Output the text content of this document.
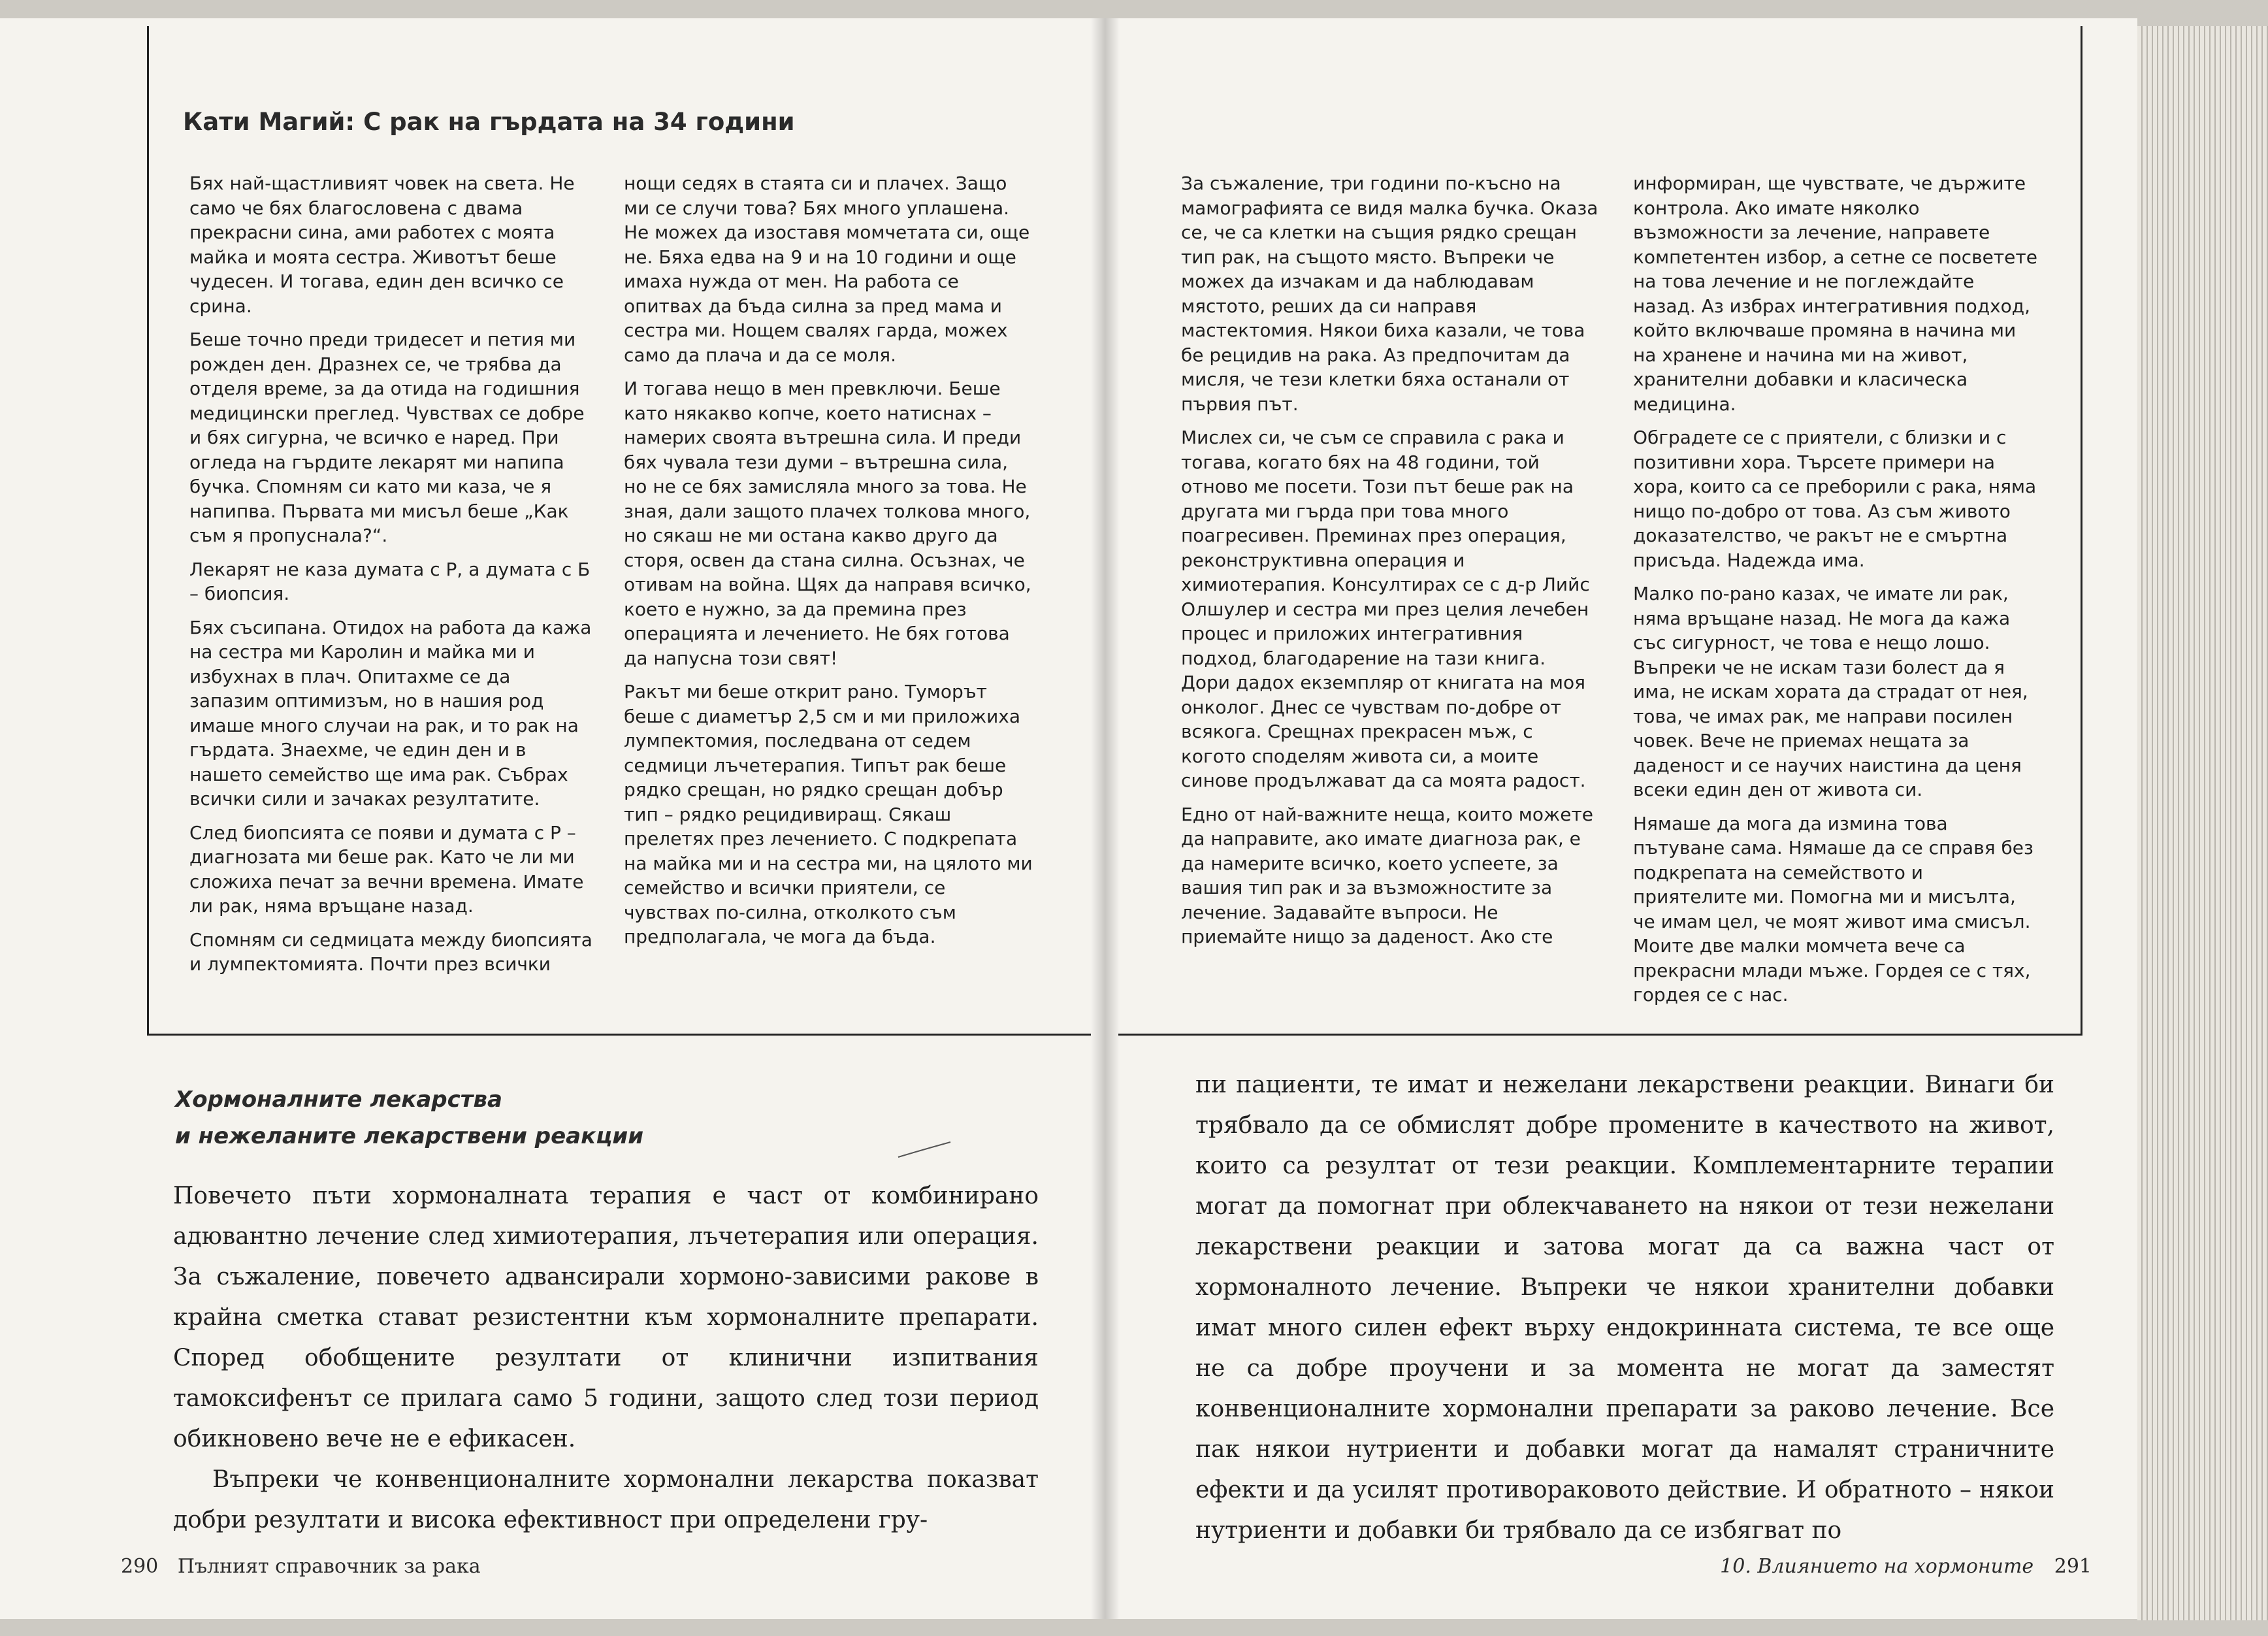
Кати Магий: С рак на гърдата на 34 години

Бях най-щастливият човек на света. Не само че бях благословена с двама прекрасни сина, ами работех с моята майка и моята сестра. Животът беше чудесен. И тогава, един ден всичко се срина.

Беше точно преди тридесет и петия ми рожден ден. Дразнех се, че трябва да отделя време, за да отида на годишния медицински преглед. Чувствах се добре и бях сигурна, че всичко е наред. При огледа на гърдите лекарят ми напипа бучка. Спомням си като ми каза, че я напипва. Първата ми мисъл беше „Как съм я пропуснала?“.

Лекарят не каза думата с Р, а думата с Б – биопсия.

Бях съсипана. Отидох на работа да кажа на сестра ми Каролин и майка ми и избухнах в плач. Опитахме се да запазим оптимизъм, но в нашия род имаше много случаи на рак, и то рак на гърдата. Знаехме, че един ден и в нашето семейство ще има рак. Събрах всички сили и зачаках резултатите.

След биопсията се появи и думата с Р – диагнозата ми беше рак. Като че ли ми сложиха печат за вечни времена. Имате ли рак, няма връщане назад.

Спомням си седмицата между биопсията и лумпектомията. Почти през всички

нощи седях в стаята си и плачех. Защо ми се случи това? Бях много уплашена. Не можех да изоставя момчетата си, още не. Бяха едва на 9 и на 10 години и още имаха нужда от мен. На работа се опитвах да бъда силна за пред мама и сестра ми. Нощем свалях гарда, можех само да плача и да се моля.

И тогава нещо в мен превключи. Беше като някакво копче, което натиснах – намерих своята вътрешна сила. И преди бях чувала тези думи – вътрешна сила, но не се бях замисляла много за това. Не зная, дали защото плачех толкова много, но сякаш не ми остана какво друго да сторя, освен да стана силна. Осъзнах, че отивам на война. Щях да направя всичко, което е нужно, за да премина през операцията и лечението. Не бях готова да напусна този свят!

Ракът ми беше открит рано. Туморът беше с диаметър 2,5 см и ми приложиха лумпектомия, последвана от седем седмици лъчетерапия. Типът рак беше рядко срещан, но рядко срещан добър тип – рядко рецидивиращ. Сякаш прелетях през лечението. С подкрепата на майка ми и на сестра ми, на цялото ми семейство и всички приятели, се чувствах по-силна, отколкото съм предполагала, че мога да бъда.

За съжаление, три години по-късно на мамографията се видя малка бучка. Оказа се, че са клетки на същия рядко срещан тип рак, на същото място. Въпреки че можех да изчакам и да наблюдавам мястото, реших да си направя мастектомия. Някои биха казали, че това бе рецидив на рака. Аз предпочитам да мисля, че тези клетки бяха останали от първия път.

Мислех си, че съм се справила с рака и тогава, когато бях на 48 години, той отново ме посети. Този път беше рак на другата ми гърда при това много поагресивен. Преминах през операция, реконструктивна операция и химиотерапия. Консултирах се с д-р Лийс Олшулер и сестра ми през целия лечебен процес и приложих интегративния подход, благодарение на тази книга. Дори дадох екземпляр от книгата на моя онколог. Днес се чувствам по-добре от всякога. Срещнах прекрасен мъж, с когото споделям живота си, а моите синове продължават да са моята радост.

Едно от най-важните неща, които можете да направите, ако имате диагноза рак, е да намерите всичко, което успеете, за вашия тип рак и за възможностите за лечение. Задавайте въпроси. Не приемайте нищо за даденост. Ако сте

информиран, ще чувствате, че държите контрола. Ако имате няколко възможности за лечение, направете компетентен избор, а сетне се посветете на това лечение и не поглеждайте назад. Аз избрах интегративния подход, който включваше промяна в начина ми на хранене и начина ми на живот, хранителни добавки и класическа медицина.

Обградете се с приятели, с близки и с позитивни хора. Търсете примери на хора, които са се преборили с рака, няма нищо по-добро от това. Аз съм живото доказателство, че ракът не е смъртна присъда. Надежда има.

Малко по-рано казах, че имате ли рак, няма връщане назад. Не мога да кажа със сигурност, че това е нещо лошо. Въпреки че не искам тази болест да я има, не искам хората да страдат от нея, това, че имах рак, ме направи посилен човек. Вече не приемах нещата за даденост и се научих наистина да ценя всеки един ден от живота си.

Нямаше да мога да измина това пътуване сама. Нямаше да се справя без подкрепата на семейството и приятелите ми. Помогна ми и мисълта, че имам цел, че моят живот има смисъл. Моите две малки момчета вече са прекрасни млади мъже. Гордея се с тях, гордея се с нас.

Хормоналните лекарства
и нежеланите лекарствени реакции

Повечето пъти хормоналната терапия е част от комбинирано адювантно лечение след химиотерапия, лъчетерапия или операция. За съжаление, повечето адвансирали хормоно-зависими ракове в крайна сметка стават резистентни към хормоналните препарати. Според обобщените резултати от клинични изпитвания тамоксифенът се прилага само 5 години, защото след този период обикновено вече не е ефикасен.

Въпреки че конвенционалните хормонални лекарства показват добри резултати и висока ефективност при определени гру-

пи пациенти, те имат и нежелани лекарствени реакции. Винаги би трябвало да се обмислят добре промените в качеството на живот, които са резултат от тези реакции. Комплементарните терапии могат да помогнат при облекчаването на някои от тези нежелани лекарствени реакции и затова могат да са важна част от хормоналното лечение. Въпреки че някои хранителни добавки имат много силен ефект върху ендокринната система, те все още не са добре проучени и за момента не могат да заместят конвенционалните хормонални препарати за раково лечение. Все пак някои нутриенти и добавки могат да намалят страничните ефекти и да усилят противораковото действие. И обратното – някои нутриенти и добавки би трябвало да се избягват по

290 Пълният справочник за рака	10. Влиянието на хормоните 291
